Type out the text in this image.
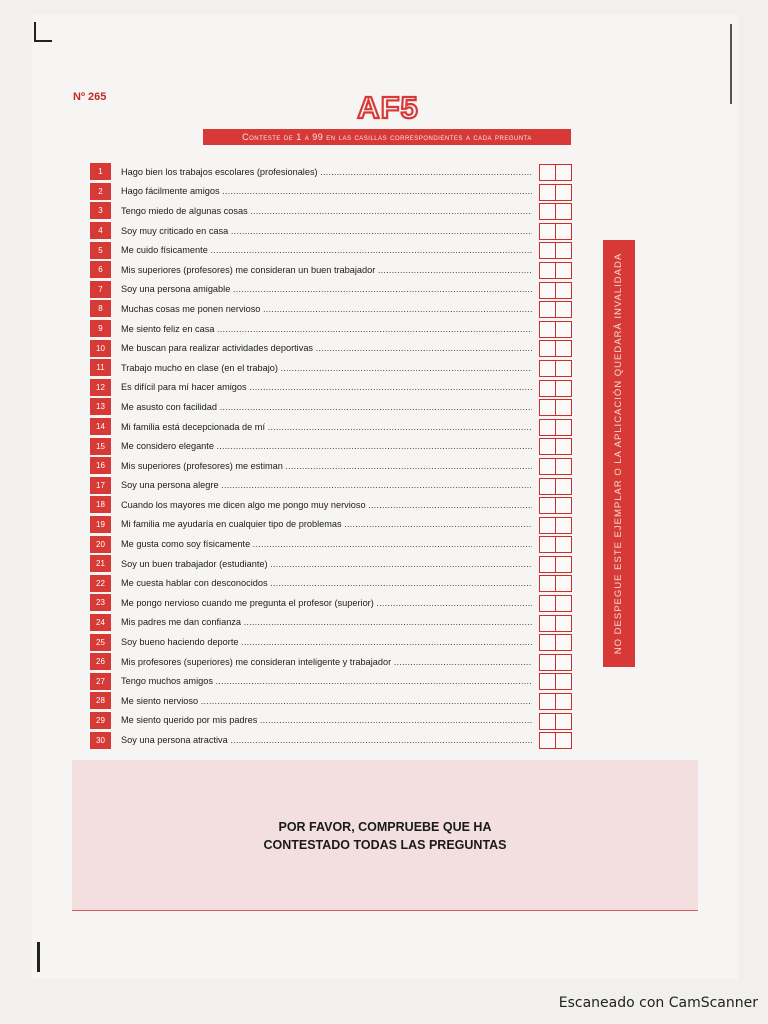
Nº 265	AF5
Conteste de 1 a 99 en las casillas correspondientes a cada pregunta
NO DESPEGUE ESTE EJEMPLAR O LA APLICACIÓN QUEDARÁ INVALIDADA
1	Hago bien los trabajos escolares (profesionales) .....
2	Hago fácilmente amigos .....
3	Tengo miedo de algunas cosas .....
4	Soy muy criticado en casa .....
5	Me cuido físicamente .....
6	Mis superiores (profesores) me consideran un buen trabajador .....
7	Soy una persona amigable .....
8	Muchas cosas me ponen nervioso .....
9	Me siento feliz en casa .....
10	Me buscan para realizar actividades deportivas .....
11	Trabajo mucho en clase (en el trabajo) .....
12	Es difícil para mí hacer amigos .....
13	Me asusto con facilidad .....
14	Mi familia está decepcionada de mí .....
15	Me considero elegante .....
16	Mis superiores (profesores) me estiman .....
17	Soy una persona alegre .....
18	Cuando los mayores me dicen algo me pongo muy nervioso .....
19	Mi familia me ayudaría en cualquier tipo de problemas .....
20	Me gusta como soy físicamente .....
21	Soy un buen trabajador (estudiante) .....
22	Me cuesta hablar con desconocidos .....
23	Me pongo nervioso cuando me pregunta el profesor (superior) .....
24	Mis padres me dan confianza .....
25	Soy bueno haciendo deporte .....
26	Mis profesores (superiores) me consideran inteligente y trabajador .....
27	Tengo muchos amigos .....
28	Me siento nervioso .....
29	Me siento querido por mis padres .....
30	Soy una persona atractiva .....
POR FAVOR, COMPRUEBE QUE HA
CONTESTADO TODAS LAS PREGUNTAS
Escaneado con CamScanner
